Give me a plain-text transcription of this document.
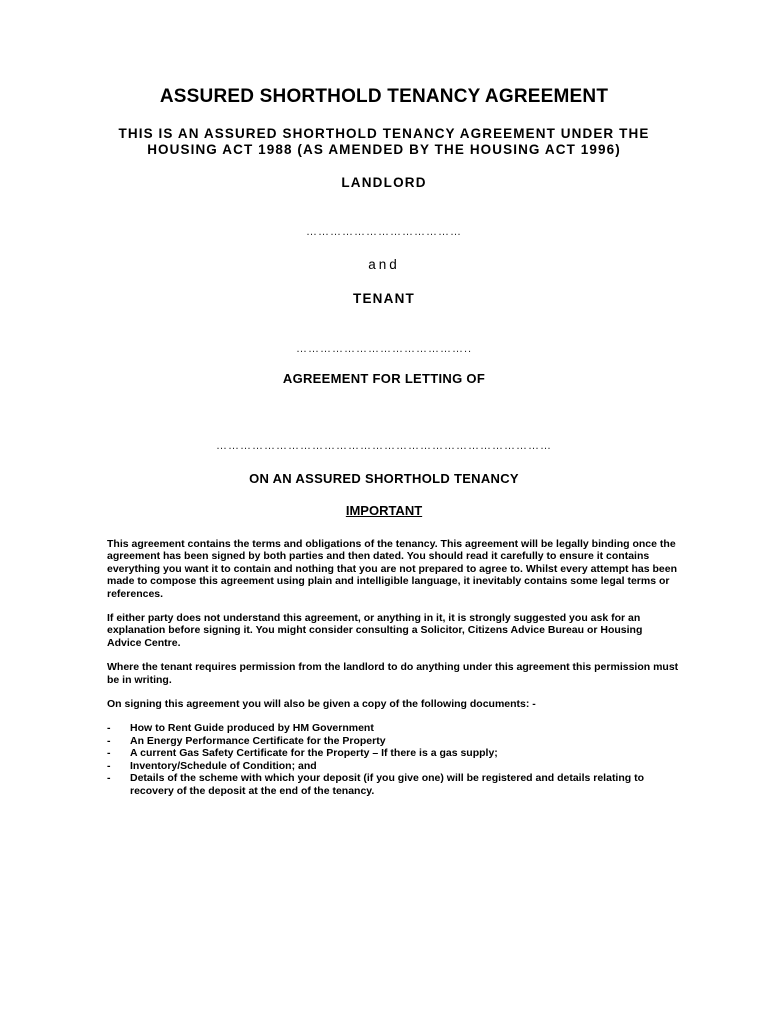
ASSURED SHORTHOLD TENANCY AGREEMENT
THIS IS AN ASSURED SHORTHOLD TENANCY AGREEMENT UNDER THE
HOUSING ACT 1988 (AS AMENDED BY THE HOUSING ACT 1996)
LANDLORD
…………………………………
and
TENANT
……………………………………..
AGREEMENT FOR LETTING OF
…………………………………………………………………………
ON AN ASSURED SHORTHOLD TENANCY
IMPORTANT

This agreement contains the terms and obligations of the tenancy. This agreement will be legally binding once the agreement has been signed by both parties and then dated. You should read it carefully to ensure it contains everything you want it to contain and nothing that you are not prepared to agree to. Whilst every attempt has been made to compose this agreement using plain and intelligible language, it inevitably contains some legal terms or references.

If either party does not understand this agreement, or anything in it, it is strongly suggested you ask for an explanation before signing it. You might consider consulting a Solicitor, Citizens Advice Bureau or Housing Advice Centre.

Where the tenant requires permission from the landlord to do anything under this agreement this permission must be in writing.

On signing this agreement you will also be given a copy of the following documents: -

- How to Rent Guide produced by HM Government
- An Energy Performance Certificate for the Property
- A current Gas Safety Certificate for the Property – If there is a gas supply;
- Inventory/Schedule of Condition; and
- Details of the scheme with which your deposit (if you give one) will be registered and details relating to recovery of the deposit at the end of the tenancy.
